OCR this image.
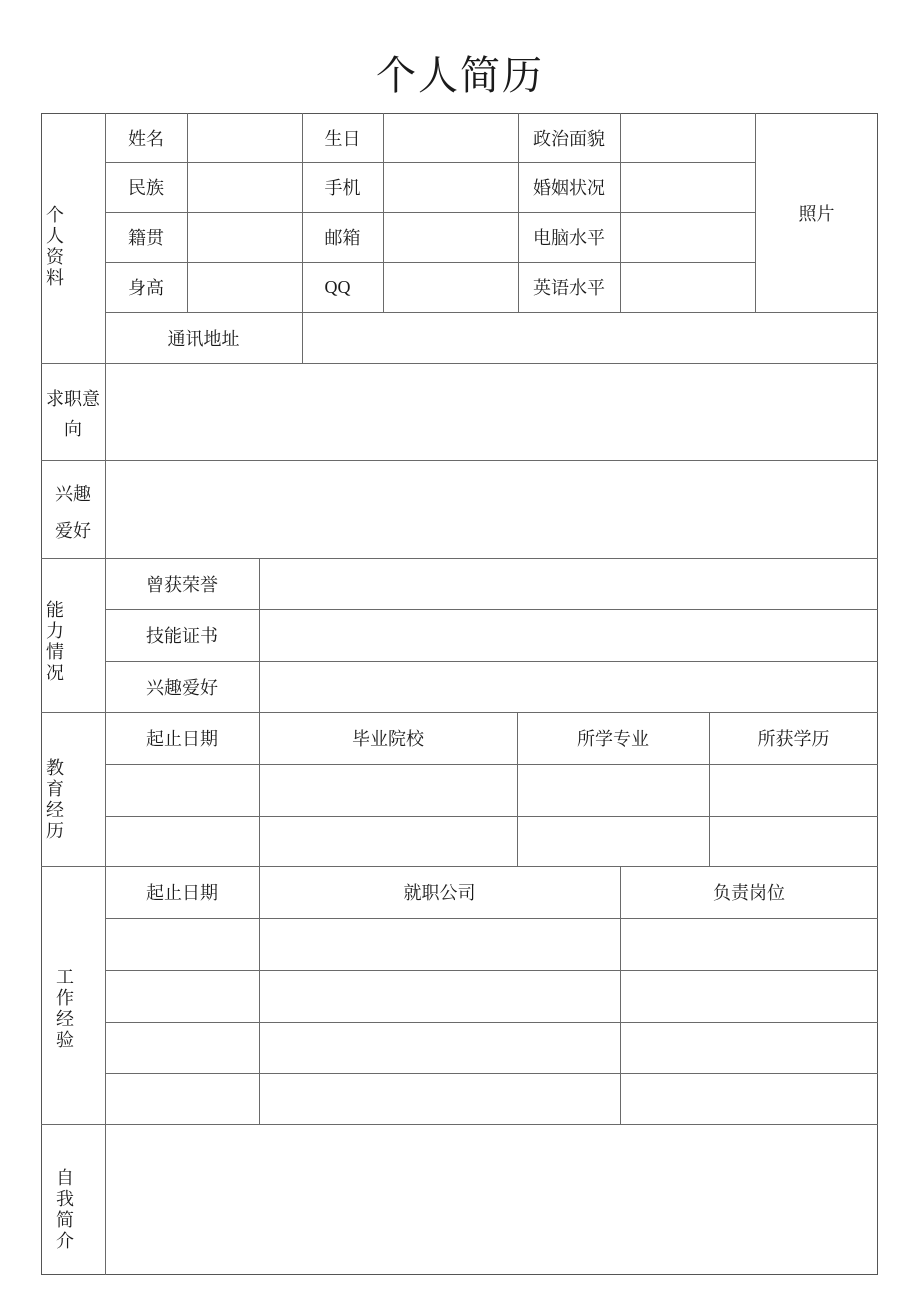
个人简历
个
人
资
料
姓名	生日	政治面貌
民族	手机	婚姻状况
籍贯	邮箱	电脑水平
身高	QQ	英语水平
照片
通讯地址
求职意
向
兴趣
爱好
能
力
情
况
曾获荣誉
技能证书
兴趣爱好
教
育
经
历
起止日期	毕业院校	所学专业	所获学历
工
作
经
验
起止日期	就职公司	负责岗位
自
我
简
介
